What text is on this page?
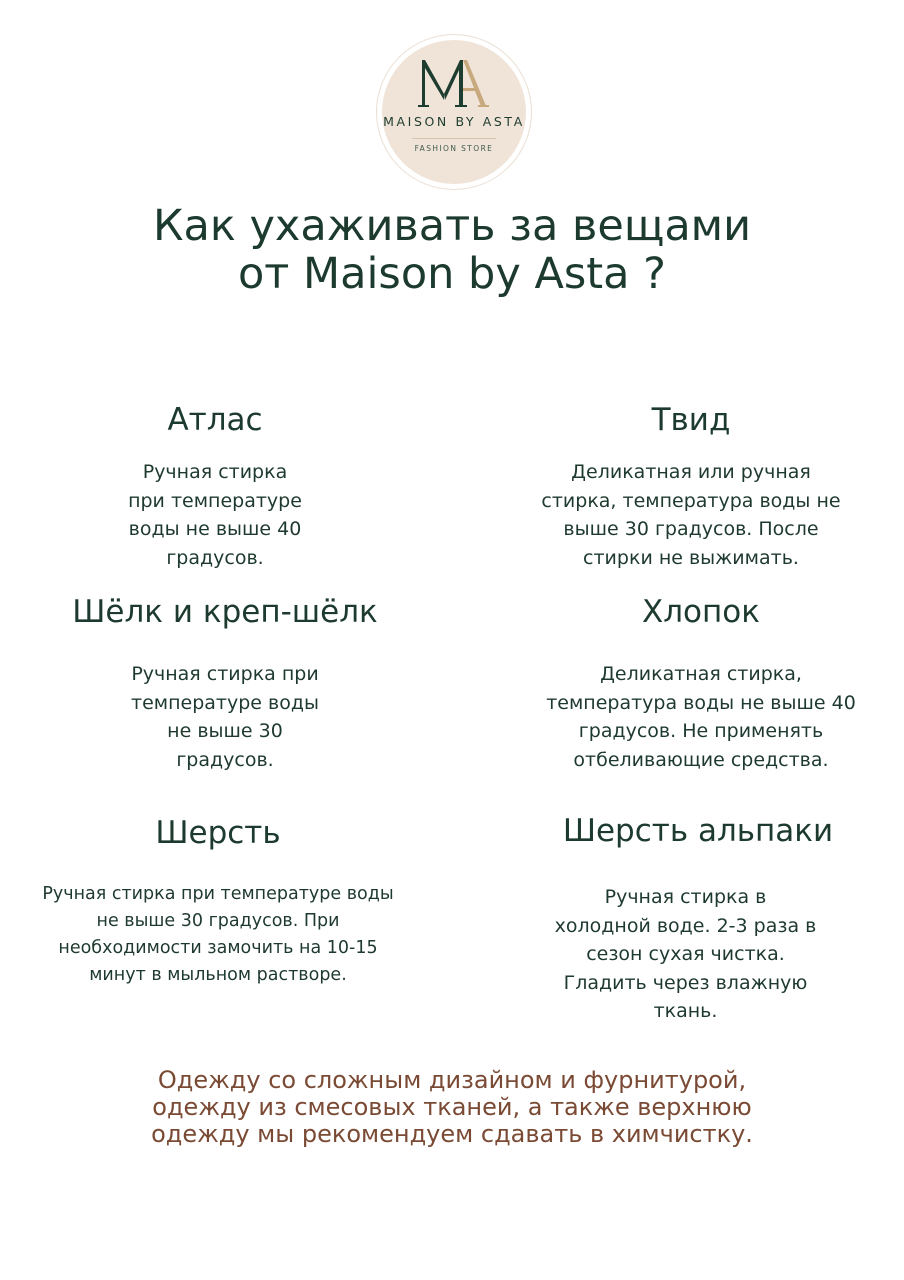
MAISON BY ASTA
FASHION STORE
Как ухаживать за вещами
от Maison by Asta ?
Атлас
Ручная стирка
при температуре
воды не выше 40
градусов.
Твид
Деликатная или ручная
стирка, температура воды не
выше 30 градусов. После
стирки не выжимать.
Шёлк и креп-шёлк
Ручная стирка при
температуре воды
не выше 30
градусов.
Хлопок
Деликатная стирка,
температура воды не выше 40
градусов. Не применять
отбеливающие средства.
Шерсть
Ручная стирка при температуре воды
не выше 30 градусов. При
необходимости замочить на 10-15
минут в мыльном растворе.
Шерсть альпаки
Ручная стирка в
холодной воде. 2-3 раза в
сезон сухая чистка.
Гладить через влажную
ткань.
Одежду со сложным дизайном и фурнитурой,
одежду из смесовых тканей, а также верхнюю
одежду мы рекомендуем сдавать в химчистку.
